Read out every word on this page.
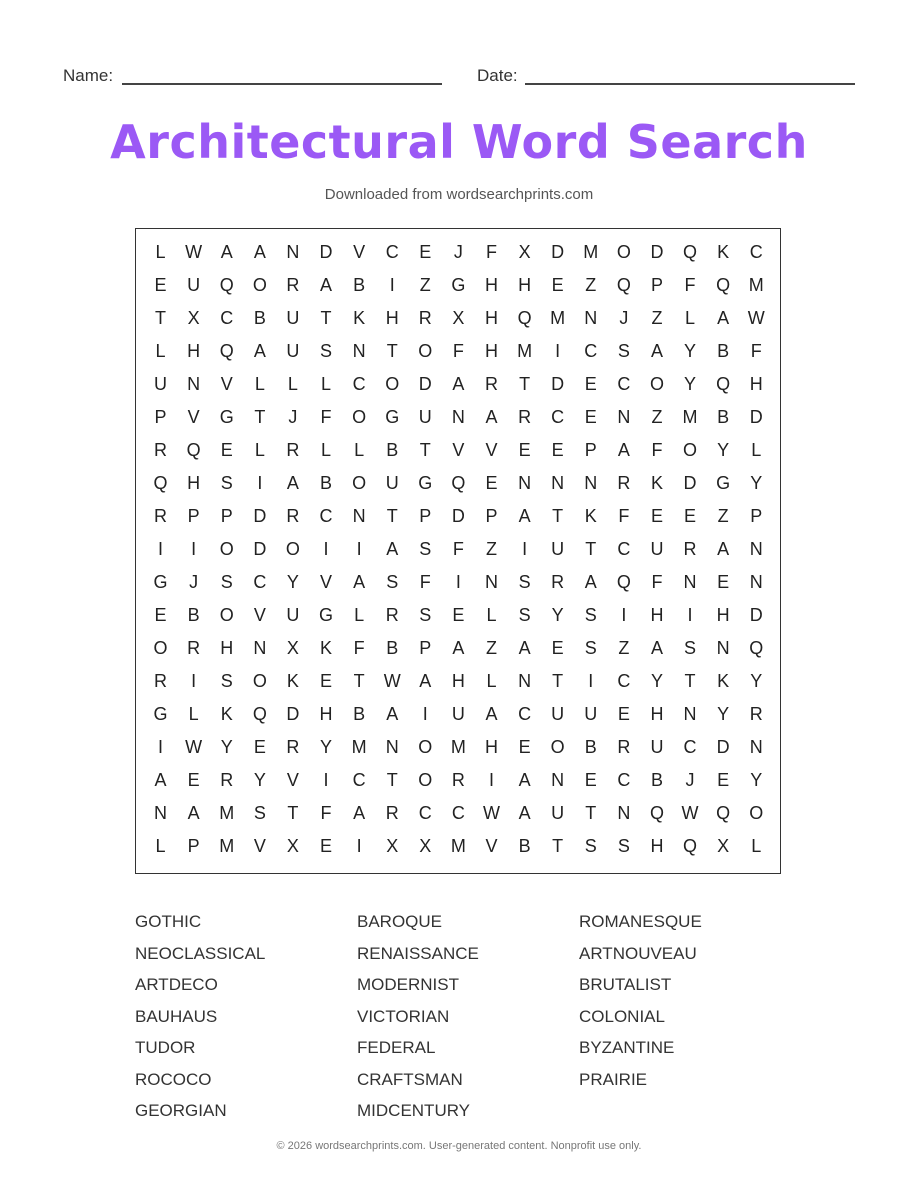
Name:	Date:
Architectural Word Search
Downloaded from wordsearchprints.com
L	W	A	A	N	D	V	C	E	J	F	X	D	M	O	D	Q	K	C
E	U	Q	O	R	A	B	I	Z	G	H	H	E	Z	Q	P	F	Q	M
T	X	C	B	U	T	K	H	R	X	H	Q	M	N	J	Z	L	A	W
L	H	Q	A	U	S	N	T	O	F	H	M	I	C	S	A	Y	B	F
U	N	V	L	L	L	C	O	D	A	R	T	D	E	C	O	Y	Q	H
P	V	G	T	J	F	O	G	U	N	A	R	C	E	N	Z	M	B	D
R	Q	E	L	R	L	L	B	T	V	V	E	E	P	A	F	O	Y	L
Q	H	S	I	A	B	O	U	G	Q	E	N	N	N	R	K	D	G	Y
R	P	P	D	R	C	N	T	P	D	P	A	T	K	F	E	E	Z	P
I	I	O	D	O	I	I	A	S	F	Z	I	U	T	C	U	R	A	N
G	J	S	C	Y	V	A	S	F	I	N	S	R	A	Q	F	N	E	N
E	B	O	V	U	G	L	R	S	E	L	S	Y	S	I	H	I	H	D
O	R	H	N	X	K	F	B	P	A	Z	A	E	S	Z	A	S	N	Q
R	I	S	O	K	E	T	W	A	H	L	N	T	I	C	Y	T	K	Y
G	L	K	Q	D	H	B	A	I	U	A	C	U	U	E	H	N	Y	R
I	W	Y	E	R	Y	M	N	O	M	H	E	O	B	R	U	C	D	N
A	E	R	Y	V	I	C	T	O	R	I	A	N	E	C	B	J	E	Y
N	A	M	S	T	F	A	R	C	C	W	A	U	T	N	Q W Q	O
L	P	M	V	X	E	I	X	X	M	V	B	T	S	S	H	Q	X	L
GOTHIC	BAROQUE	ROMANESQUE
NEOCLASSICAL	RENAISSANCE	ARTNOUVEAU
ARTDECO	MODERNIST	BRUTALIST
BAUHAUS	VICTORIAN	COLONIAL
TUDOR	FEDERAL	BYZANTINE
ROCOCO	CRAFTSMAN	PRAIRIE
GEORGIAN	MIDCENTURY
© 2026 wordsearchprints.com. User-generated content. Nonprofit use only.
